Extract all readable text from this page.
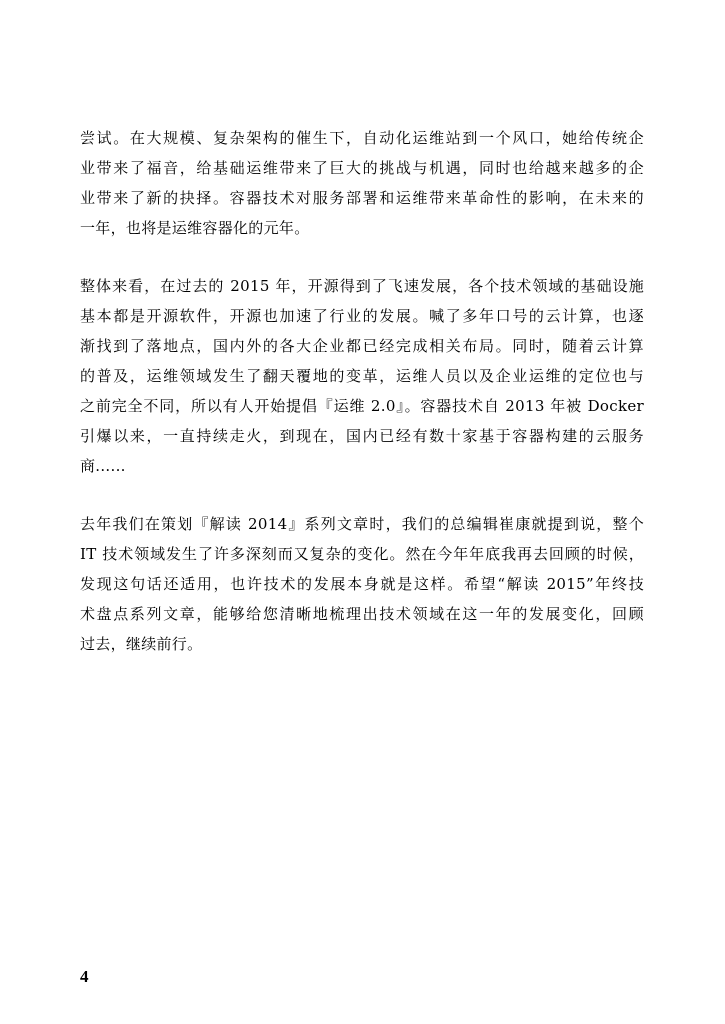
尝试。在大规模、复杂架构的催生下，自动化运维站到一个风口，她给传统企
业带来了福音，给基础运维带来了巨大的挑战与机遇，同时也给越来越多的企
业带来了新的抉择。容器技术对服务部署和运维带来革命性的影响，在未来的
一年，也将是运维容器化的元年。
整体来看，在过去的 2015 年，开源得到了飞速发展，各个技术领域的基础设施
基本都是开源软件，开源也加速了行业的发展。喊了多年口号的云计算，也逐
渐找到了落地点，国内外的各大企业都已经完成相关布局。同时，随着云计算
的普及，运维领域发生了翻天覆地的变革，运维人员以及企业运维的定位也与
之前完全不同，所以有人开始提倡『运维 2.0』。容器技术自 2013 年被 Docker
引爆以来，一直持续走火，到现在，国内已经有数十家基于容器构建的云服务
商......
去年我们在策划『解读 2014』系列文章时，我们的总编辑崔康就提到说，整个
IT 技术领域发生了许多深刻而又复杂的变化。然在今年年底我再去回顾的时候，
发现这句话还适用，也许技术的发展本身就是这样。希望“解读 2015”年终技
术盘点系列文章，能够给您清晰地梳理出技术领域在这一年的发展变化，回顾
过去，继续前行。
4
